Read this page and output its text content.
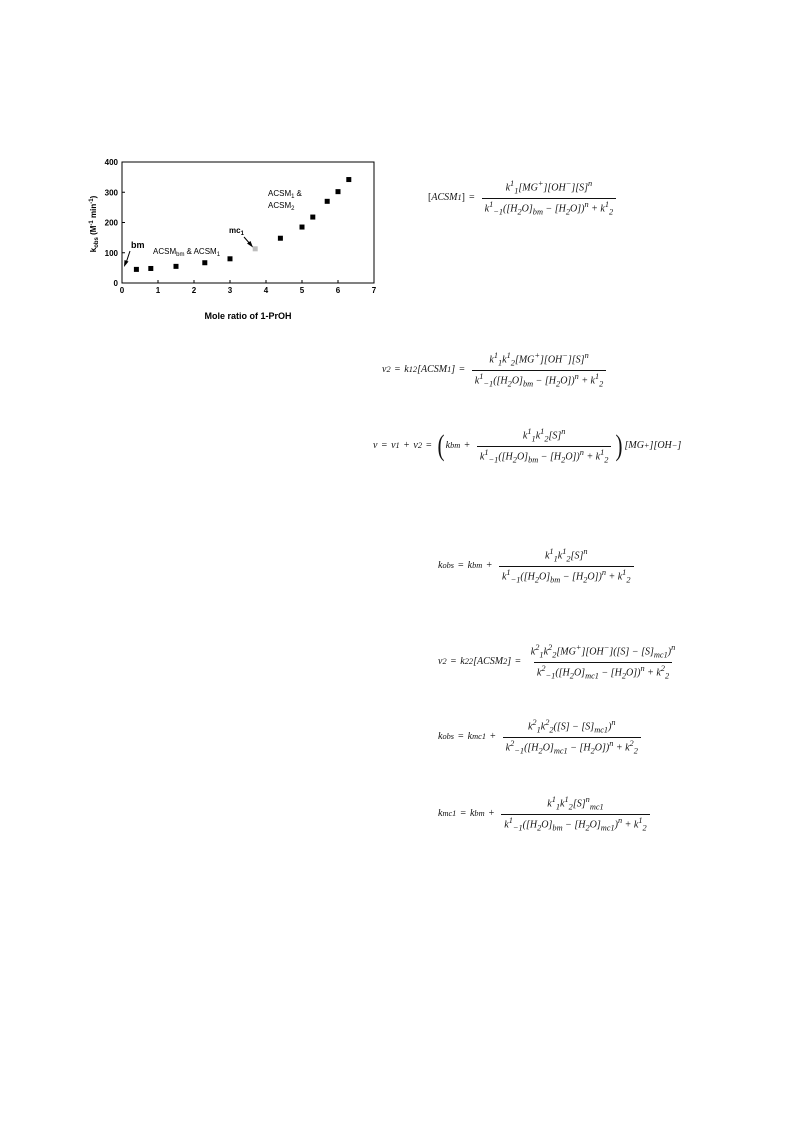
0	1	2	3	4	5	6	7
0
100
200
300
400
$k_{obs}$ ($M^{-1}$ $\min^{-1}$)
Mole ratio of 1-PrOH
bm
$ACSM_{bm}$ & $ACSM_1$
$mc_1$
$ACSM_1$ &
$ACSM_2$
[ ACSM 1 ] = $\frac{k^1_1[MG^+][OH^-][S]^n}{k^1_{-1}([H_2O]_{bm} - [H_2O])^n + k^1_2}$
v 2 = k 1 2 [ACSM 1 ] = $\frac{k^1_1k^1_2[MG^+][OH^-][S]^n}{k^1_{-1}([H_2O]_{bm} - [H_2O])^n + k^1_2}$
v = v 1 + v 2 = ( k bm + $\frac{k^1_1k^1_2[S]^n}{k^1_{-1}([H_2O]_{bm} - [H_2O])^n + k^1_2}$ ) [MG + ][OH − ]
k obs = k bm + $\frac{k^1_1k^1_2[S]^n}{k^1_{-1}([H_2O]_{bm} - [H_2O])^n + k^1_2}$
v 2 = k 2 2 [ACSM 2 ] = $\frac{k^2_1k^2_2[MG^+][OH^-]([S] - [S]_{mc1})^n}{k^2_{-1}([H_2O]_{mc1} - [H_2O])^n + k^2_2}$
k obs = k $mc1 + \frac{k^2_1k^2_2([S] - [S]_{mc1})^n}{k^2_{-1}([H_2O]_{mc1} - [H_2O])^n + k^2_2}$
k mc1 = k bm + $\frac{k^1_1k^1_2[S]^n_{mc1}}{k^1_{-1}([H_2O]_{bm} - [H_2O]_{mc1})^n + k^1_2}$
